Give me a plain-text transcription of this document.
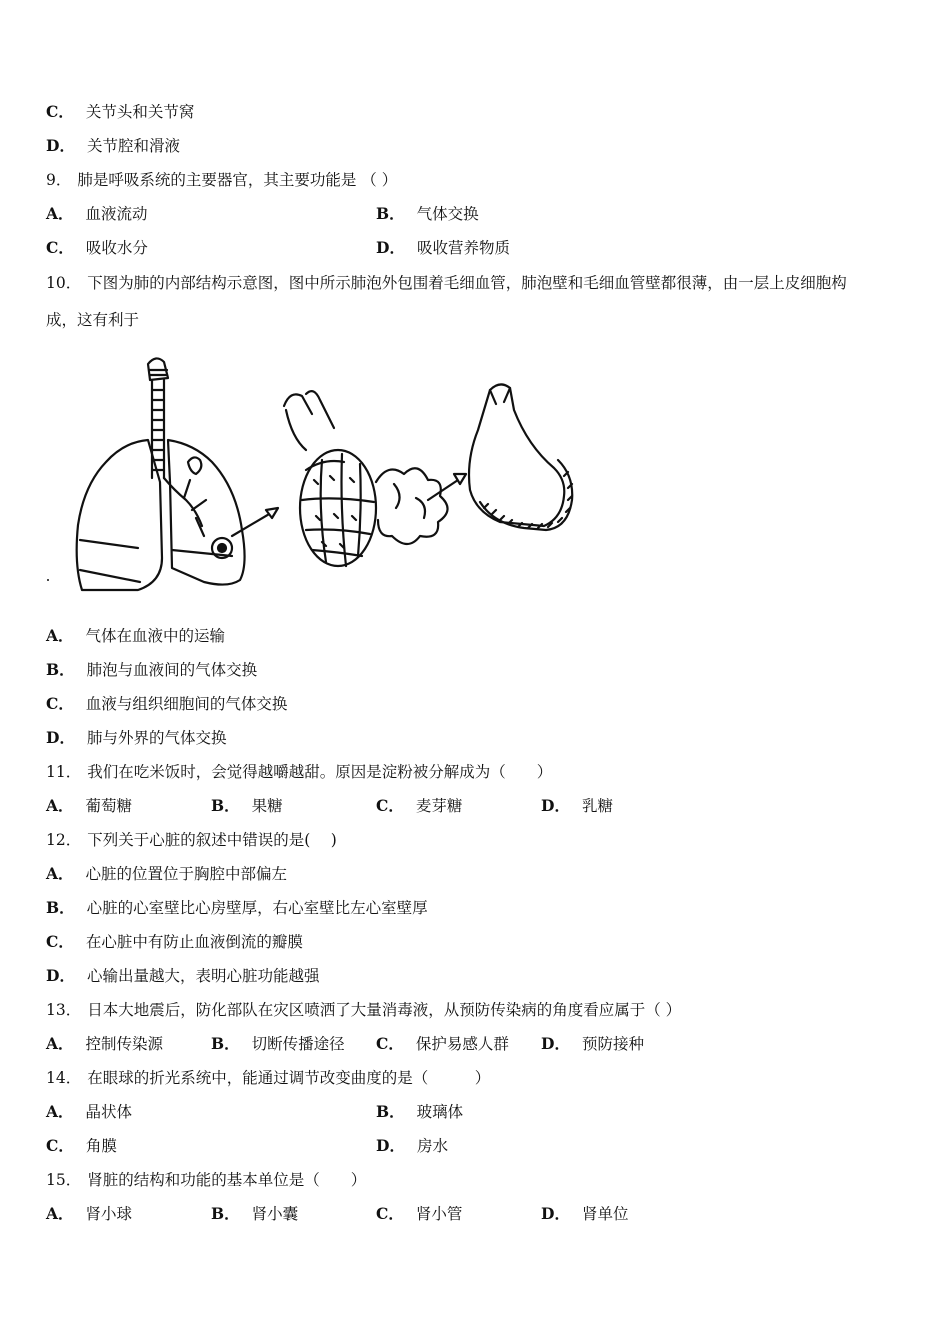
C． 关节头和关节窝
D． 关节腔和滑液
9． 肺是呼吸系统的主要器官，其主要功能是 （ ）
A． 血液流动	B． 气体交换
C． 吸收水分	D． 吸收营养物质
10． 下图为肺的内部结构示意图，图中所示肺泡外包围着毛细血管，肺泡壁和毛细血管壁都很薄，由一层上皮细胞构
成，这有利于
A． 气体在血液中的运输
B． 肺泡与血液间的气体交换
C． 血液与组织细胞间的气体交换
D． 肺与外界的气体交换
11． 我们在吃米饭时，会觉得越嚼越甜。原因是淀粉被分解成为（　　）
A． 葡萄糖	B． 果糖	C． 麦芽糖	D． 乳糖
12． 下列关于心脏的叙述中错误的是(　 )
A． 心脏的位置位于胸腔中部偏左
B． 心脏的心室壁比心房壁厚，右心室壁比左心室壁厚
C． 在心脏中有防止血液倒流的瓣膜
D． 心输出量越大，表明心脏功能越强
13． 日本大地震后，防化部队在灾区喷洒了大量消毒液，从预防传染病的角度看应属于（ ）
A． 控制传染源	B． 切断传播途径 C． 保护易感人群 D． 预防接种
14． 在眼球的折光系统中，能通过调节改变曲度的是（　　　）
A． 晶状体	B． 玻璃体
C． 角膜	D． 房水
15． 肾脏的结构和功能的基本单位是（　　）
A． 肾小球	B． 肾小囊	C． 肾小管	D． 肾单位
